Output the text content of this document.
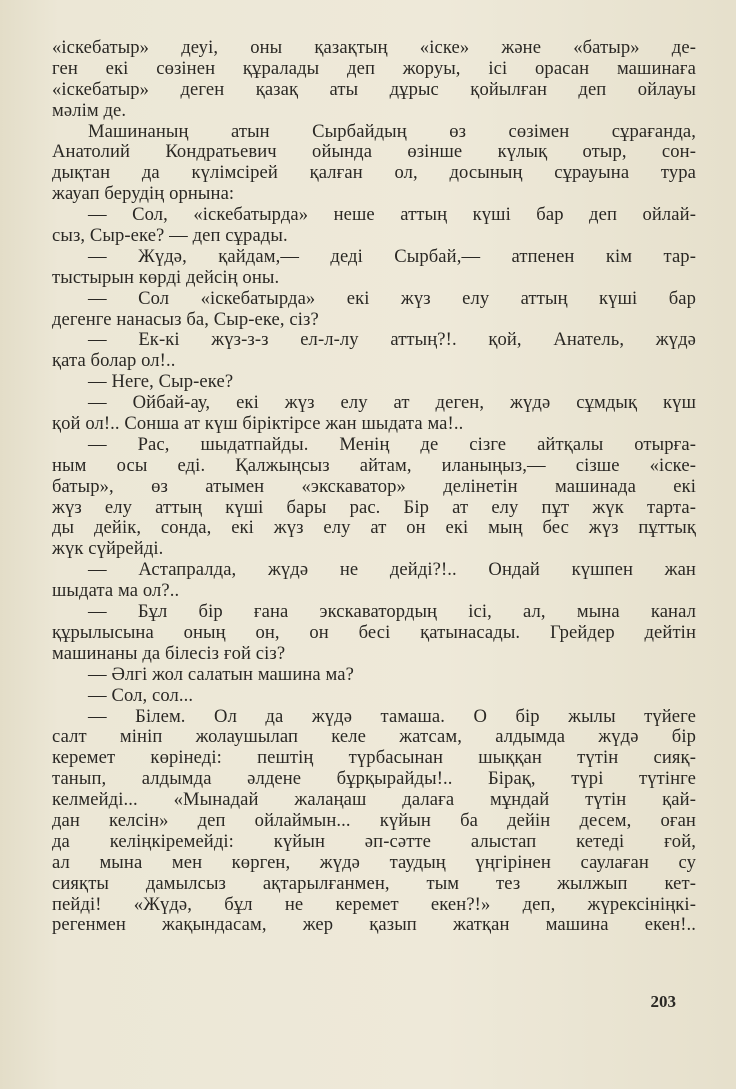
«іскебатыр» деуі, оны қазақтың «іске» және «батыр» де-
ген екі сөзінен құралады деп жоруы, ісі орасан машинаға
«іскебатыр» деген қазақ аты дұрыс қойылған деп ойлауы
мәлім де.
Машинаның атын Сырбайдың өз сөзімен сұрағанда,
Анатолий Кондратьевич ойында өзінше күлық отыр, сон-
дықтан да күлімсірей қалған ол, досының сұрауына тура
жауап берудің орнына:
— Сол, «іскебатырда» неше аттың күші бар деп ойлай-
сыз, Сыр-еке? — деп сұрады.
— Жүдә, қайдам,— деді Сырбай,— атпенен кім тар-
тыстырын көрді дейсің оны.
— Сол «іскебатырда» екі жүз елу аттың күші бар
дегенге нанасыз ба, Сыр-еке, сіз?
— Ек-кі жүз-з-з ел-л-лу аттың?!. қой, Анатель, жүдә
қата болар ол!..
— Неге, Сыр-еке?
— Ойбай-ау, екі жүз елу ат деген, жүдә сұмдық күш
қой ол!.. Сонша ат күш біріктірсе жан шыдата ма!..
— Рас, шыдатпайды. Менің де сізге айтқалы отырға-
ным осы еді. Қалжыңсыз айтам, иланыңыз,— сізше «іске-
батыр», өз атымен «экскаватор» делінетін машинада екі
жүз елу аттың күші бары рас. Бір ат елу пұт жүк тарта-
ды дейік, сонда, екі жүз елу ат он екі мың бес жүз пұттық
жүк сүйрейді.
— Астапралда, жүдә не дейді?!.. Ондай күшпен жан
шыдата ма ол?..
— Бұл бір ғана экскаватордың ісі, ал, мына канал
құрылысына оның он, он бесі қатынасады. Грейдер дейтін
машинаны да білесіз ғой сіз?
— Әлгі жол салатын машина ма?
— Сол, сол...
— Білем. Ол да жүдә тамаша. О бір жылы түйеге
салт мініп жолаушылап келе жатсам, алдымда жүдә бір
керемет көрінеді: пештің түрбасынан шыққан түтін сияқ-
танып, алдымда әлдене бұрқырайды!.. Бірақ, түрі түтінге
келмейді... «Мынадай жалаңаш далаға мұндай түтін қай-
дан келсін» деп ойлаймын... күйын ба дейін десем, оған
да келіңкіремейді: күйын әп-сәтте алыстап кетеді ғой,
ал мына мен көрген, жүдә таудың үңгірінен саулаған су
сияқты дамылсыз ақтарылғанмен, тым тез жылжып кет-
пейді! «Жүдә, бұл не керемет екен?!» деп, жүрексініңкі-
регенмен жақындасам, жер қазып жатқан машина екен!..
203
